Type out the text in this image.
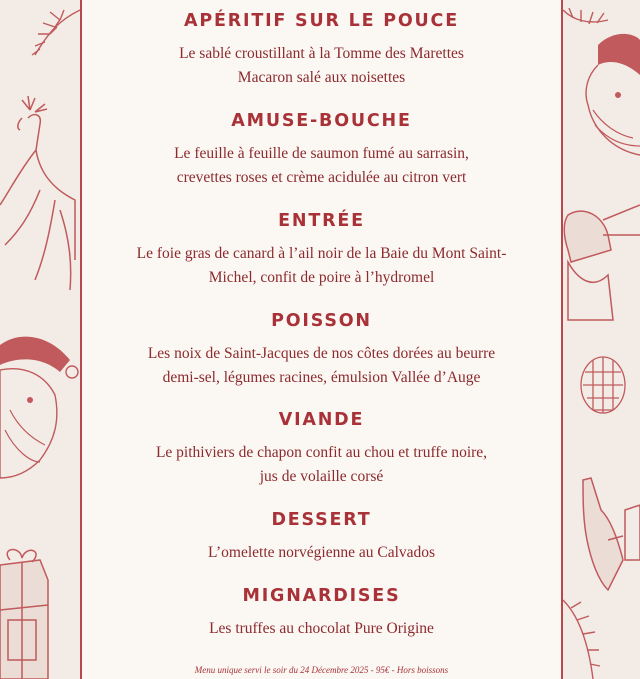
APÉRITIF SUR LE POUCE

Le sablé croustillant à la Tomme des Marettes
Macaron salé aux noisettes

AMUSE-BOUCHE

Le feuille à feuille de saumon fumé au sarrasin,
crevettes roses et crème acidulée au citron vert

ENTRÉE

Le foie gras de canard à l’ail noir de la Baie du Mont Saint-
Michel, confit de poire à l’hydromel

POISSON

Les noix de Saint-Jacques de nos côtes dorées au beurre
demi-sel, légumes racines, émulsion Vallée d’Auge

VIANDE

Le pithiviers de chapon confit au chou et truffe noire,
jus de volaille corsé

DESSERT

L’omelette norvégienne au Calvados

MIGNARDISES

Les truffes au chocolat Pure Origine

Menu unique servi le soir du 24 Décembre 2025 - 95€ - Hors boissons
